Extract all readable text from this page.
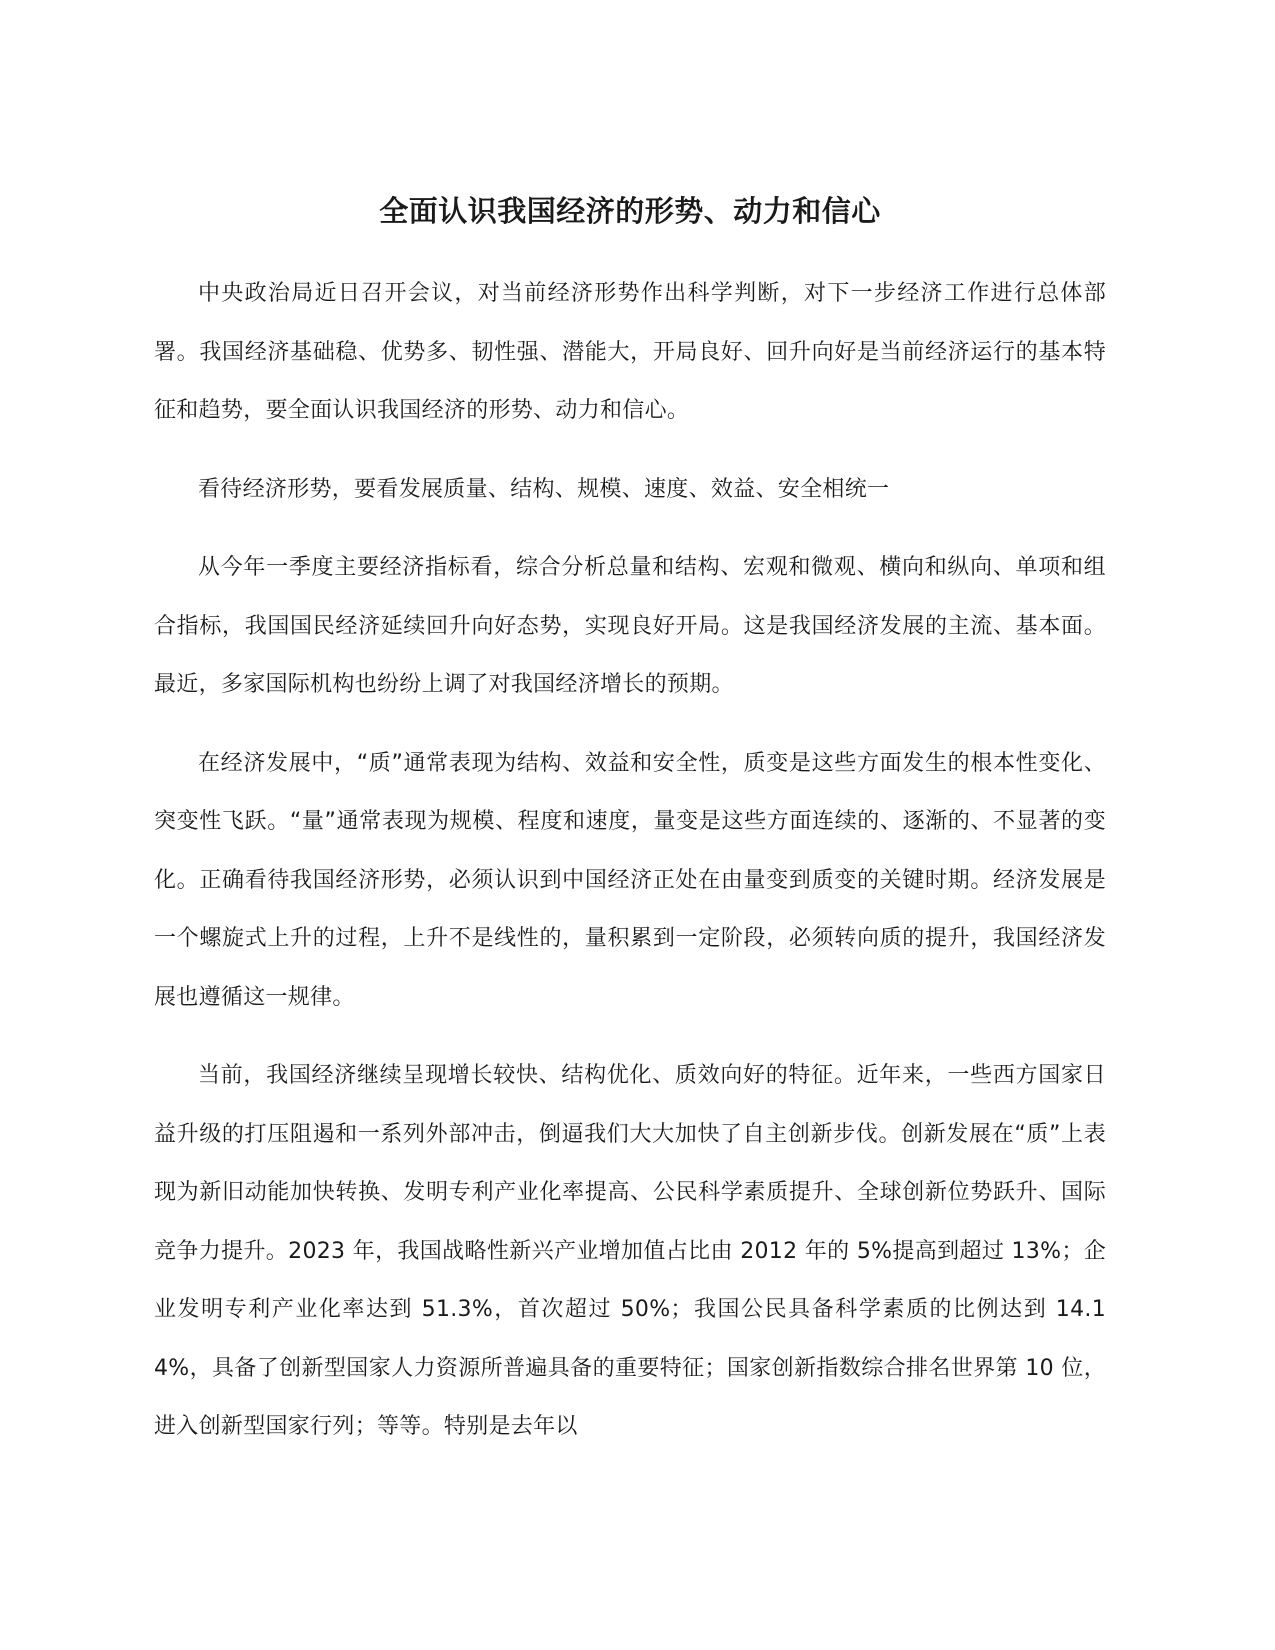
全面认识我国经济的形势、动力和信心

中央政治局近日召开会议，对当前经济形势作出科学判断，对下一步经济工作进行总体部署。我国经济基础稳、优势多、韧性强、潜能大，开局良好、回升向好是当前经济运行的基本特征和趋势，要全面认识我国经济的形势、动力和信心。

看待经济形势，要看发展质量、结构、规模、速度、效益、安全相统一

从今年一季度主要经济指标看，综合分析总量和结构、宏观和微观、横向和纵向、单项和组合指标，我国国民经济延续回升向好态势，实现良好开局。这是我国经济发展的主流、基本面。最近，多家国际机构也纷纷上调了对我国经济增长的预期。

在经济发展中，“质”通常表现为结构、效益和安全性，质变是这些方面发生的根本性变化、突变性飞跃。“量”通常表现为规模、程度和速度，量变是这些方面连续的、逐渐的、不显著的变化。正确看待我国经济形势，必须认识到中国经济正处在由量变到质变的关键时期。经济发展是一个螺旋式上升的过程，上升不是线性的，量积累到一定阶段，必须转向质的提升，我国经济发展也遵循这一规律。

当前，我国经济继续呈现增长较快、结构优化、质效向好的特征。近年来，一些西方国家日益升级的打压阻遏和一系列外部冲击，倒逼我们大大加快了自主创新步伐。创新发展在“质”上表现为新旧动能加快转换、发明专利产业化率提高、公民科学素质提升、全球创新位势跃升、国际竞争力提升。2023 年，我国战略性新兴产业增加值占比由 2012 年的 5%提高到超过 13%；企业发明专利产业化率达到 51.3%，首次超过 50%；我国公民具备科学素质的比例达到 14.14%，具备了创新型国家人力资源所普遍具备的重要特征；国家创新指数综合排名世界第 10 位，进入创新型国家行列；等等。特别是去年以
